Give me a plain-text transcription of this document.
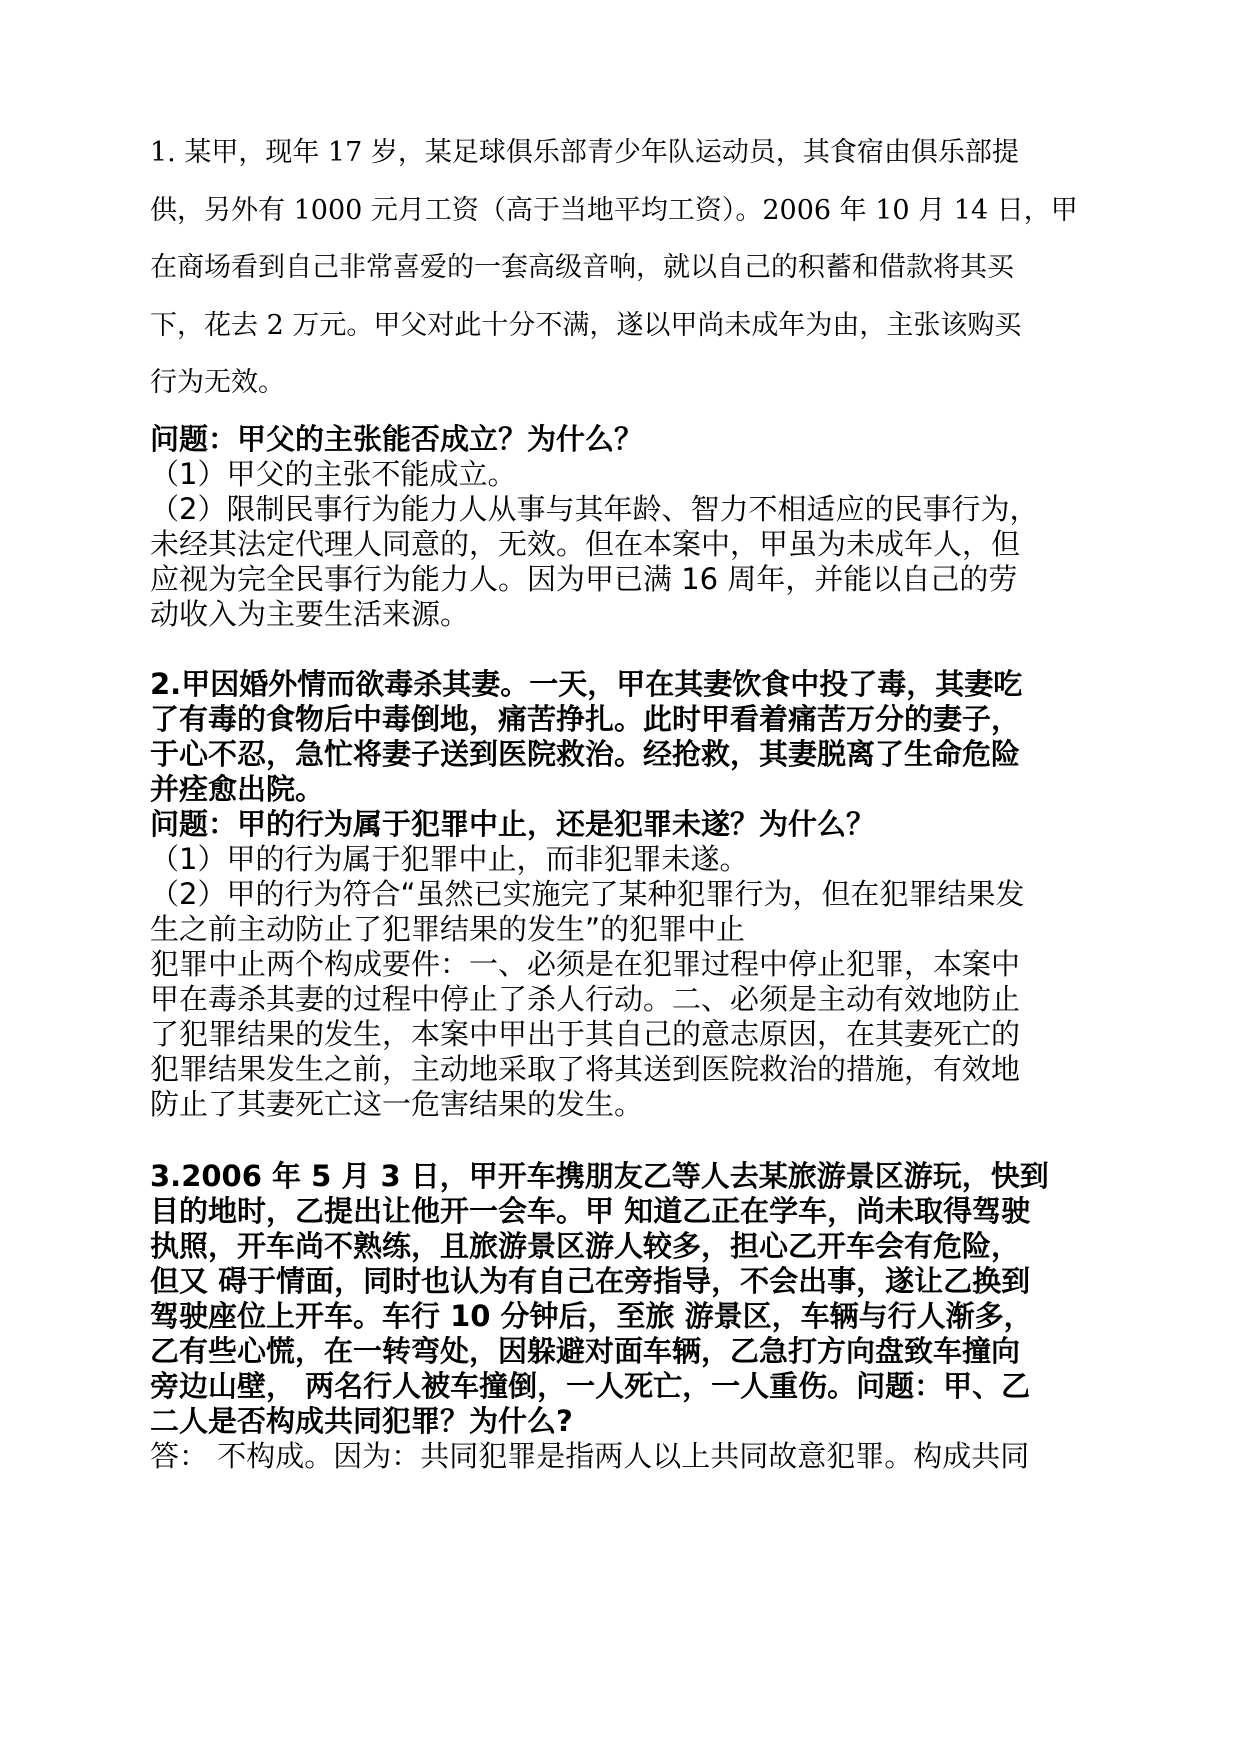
1. 某甲，现年 17 岁，某足球俱乐部青少年队运动员，其食宿由俱乐部提
供，另外有 1000 元月工资（高于当地平均工资）。2006 年 10 月 14 日，甲
在商场看到自己非常喜爱的一套高级音响，就以自己的积蓄和借款将其买
下，花去 2 万元。甲父对此十分不满，遂以甲尚未成年为由，主张该购买
行为无效。
问题：甲父的主张能否成立？为什么？
（1）甲父的主张不能成立。
（2）限制民事行为能力人从事与其年龄、智力不相适应的民事行为，
未经其法定代理人同意的，无效。但在本案中，甲虽为未成年人，但
应视为完全民事行为能力人。因为甲已满 16 周年，并能以自己的劳
动收入为主要生活来源。
2.甲因婚外情而欲毒杀其妻。一天，甲在其妻饮食中投了毒，其妻吃
了有毒的食物后中毒倒地，痛苦挣扎。此时甲看着痛苦万分的妻子，
于心不忍，急忙将妻子送到医院救治。经抢救，其妻脱离了生命危险
并痊愈出院。
问题：甲的行为属于犯罪中止，还是犯罪未遂？为什么？
（1）甲的行为属于犯罪中止，而非犯罪未遂。
（2）甲的行为符合“虽然已实施完了某种犯罪行为，但在犯罪结果发
生之前主动防止了犯罪结果的发生”的犯罪中止
犯罪中止两个构成要件：一、必须是在犯罪过程中停止犯罪，本案中
甲在毒杀其妻的过程中停止了杀人行动。二、必须是主动有效地防止
了犯罪结果的发生，本案中甲出于其自己的意志原因，在其妻死亡的
犯罪结果发生之前，主动地采取了将其送到医院救治的措施，有效地
防止了其妻死亡这一危害结果的发生。
3.2006 年 5 月 3 日，甲开车携朋友乙等人去某旅游景区游玩，快到
目的地时，乙提出让他开一会车。甲 知道乙正在学车，尚未取得驾驶
执照，开车尚不熟练，且旅游景区游人较多，担心乙开车会有危险，
但又 碍于情面，同时也认为有自己在旁指导，不会出事，遂让乙换到
驾驶座位上开车。车行 10 分钟后，至旅 游景区，车辆与行人渐多，
乙有些心慌，在一转弯处，因躲避对面车辆，乙急打方向盘致车撞向
旁边山壁， 两名行人被车撞倒，一人死亡，一人重伤。问题：甲、乙
二人是否构成共同犯罪？为什么?
答： 不构成。因为：共同犯罪是指两人以上共同故意犯罪。构成共同
